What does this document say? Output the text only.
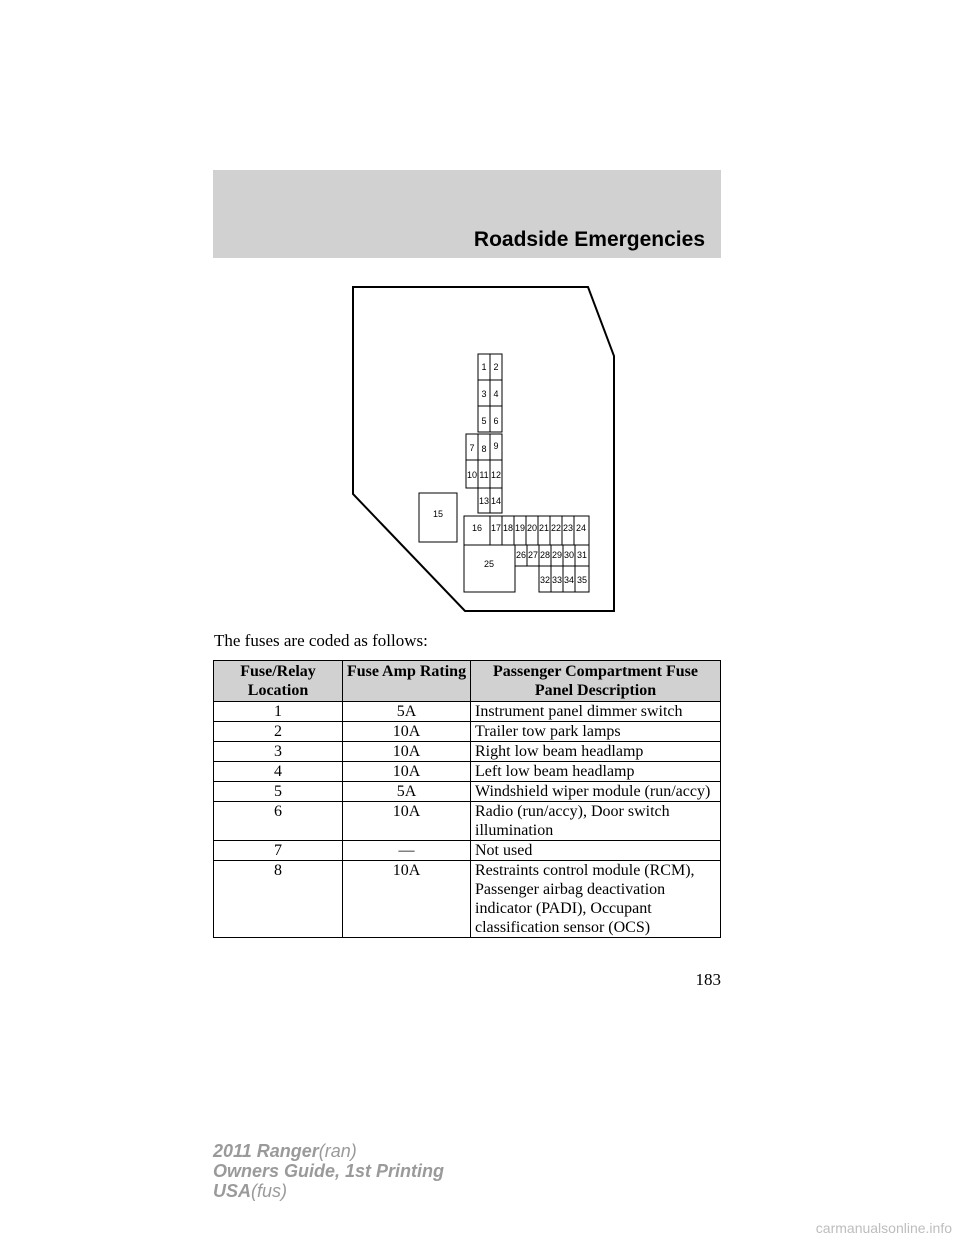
Roadside Emergencies
1 2
3 4
5 6
7 8 9
10 11 12
13 14
15
16 17 18 19 20 21 22 23 24
25
26 27 28 29 30 31
32 33 34 35
The fuses are coded as follows:
Fuse/Relay Location	Fuse Amp Rating	Passenger Compartment Fuse Panel Description
1	5A	Instrument panel dimmer switch
2	10A	Trailer tow park lamps
3	10A	Right low beam headlamp
4	10A	Left low beam headlamp
5	5A	Windshield wiper module (run/accy)
6	10A	Radio (run/accy), Door switch illumination
7	—	Not used
8	10A	Restraints control module (RCM), Passenger airbag deactivation indicator (PADI), Occupant classification sensor (OCS)
183
2011 Ranger(ran)
Owners Guide, 1st Printing
USA(fus)
carmanualsonline.info
